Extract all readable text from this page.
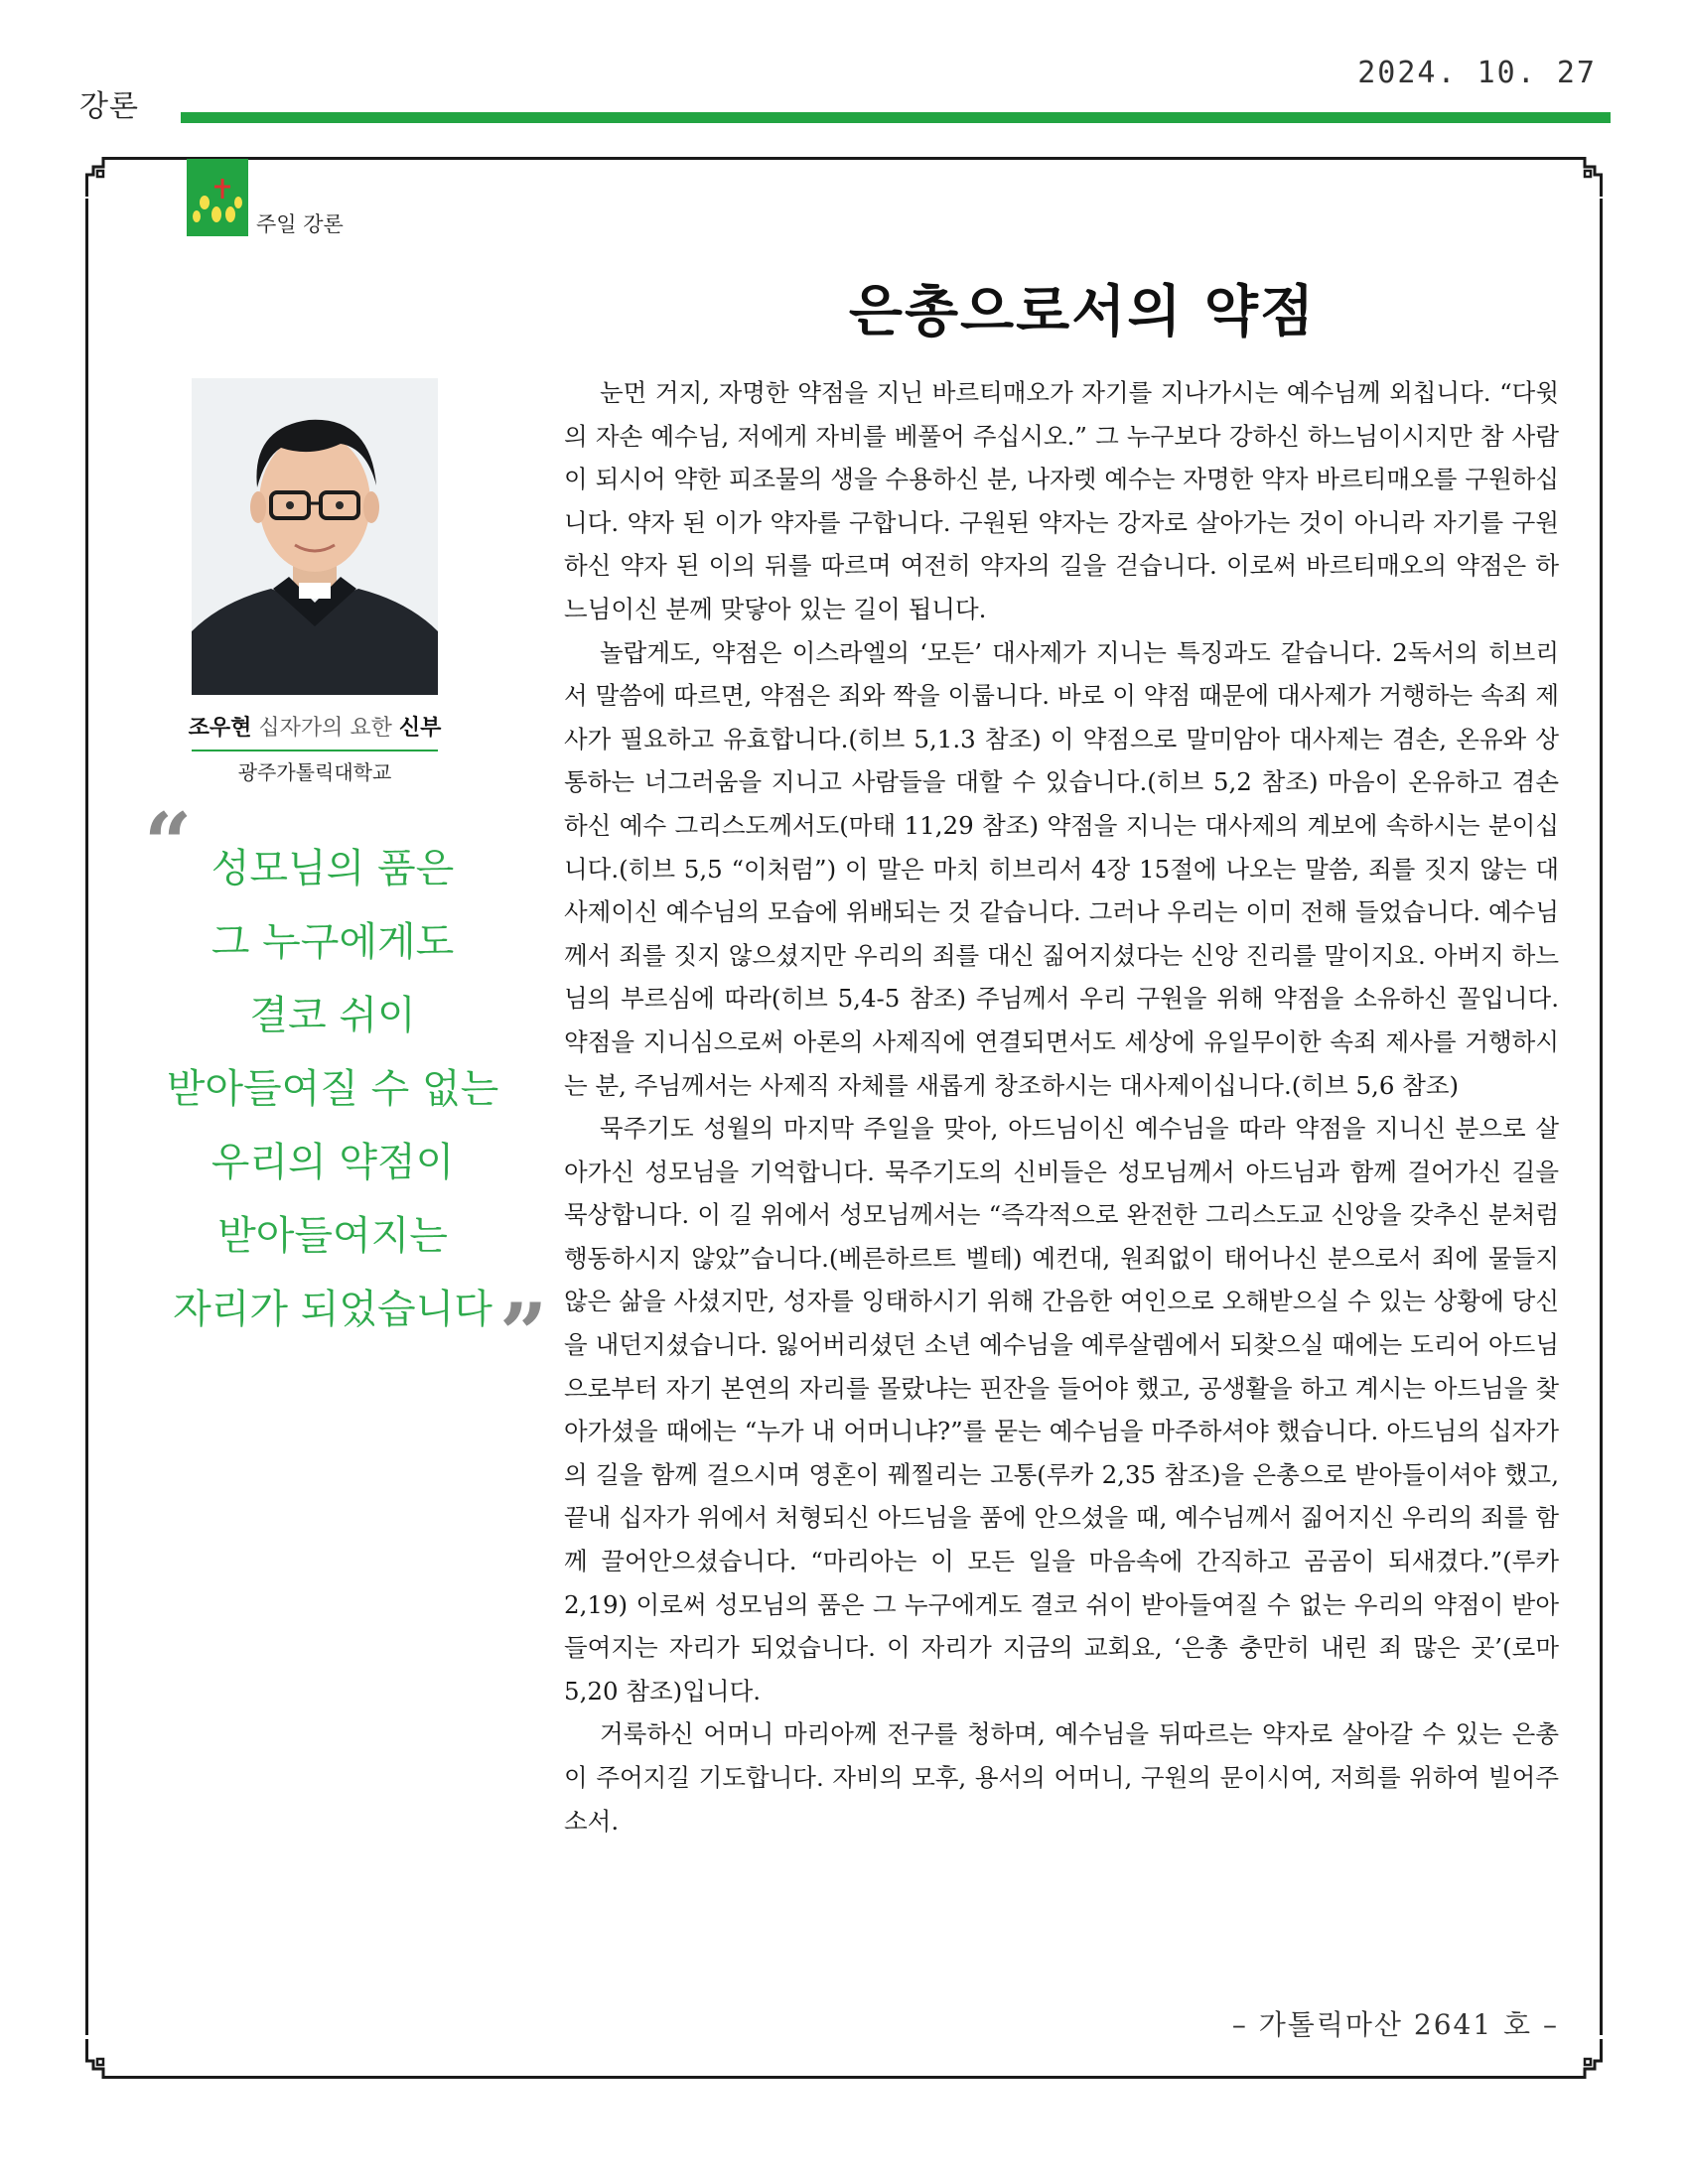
강론
2024. 10. 27
주일 강론
은총으로서의 약점
조우현 십자가의 요한 신부
광주가톨릭대학교
“ 성모님의 품은
그 누구에게도
결코 쉬이
받아들여질 수 없는
우리의 약점이
받아들여지는
자리가 되었습니다 ”

눈먼 거지, 자명한 약점을 지닌 바르티매오가 자기를 지나가시는 예수님께 외칩니다. “다윗의 자손 예수님, 저에게 자비를 베풀어 주십시오.” 그 누구보다 강하신 하느님이시지만 참 사람이 되시어 약한 피조물의 생을 수용하신 분, 나자렛 예수는 자명한 약자 바르티매오를 구원하십니다. 약자 된 이가 약자를 구합니다. 구원된 약자는 강자로 살아가는 것이 아니라 자기를 구원하신 약자 된 이의 뒤를 따르며 여전히 약자의 길을 걷습니다. 이로써 바르티매오의 약점은 하느님이신 분께 맞닿아 있는 길이 됩니다.

놀랍게도, 약점은 이스라엘의 ‘모든’ 대사제가 지니는 특징과도 같습니다. 2독서의 히브리서 말씀에 따르면, 약점은 죄와 짝을 이룹니다. 바로 이 약점 때문에 대사제가 거행하는 속죄 제사가 필요하고 유효합니다.(히브 5,1.3 참조) 이 약점으로 말미암아 대사제는 겸손, 온유와 상통하는 너그러움을 지니고 사람들을 대할 수 있습니다.(히브 5,2 참조) 마음이 온유하고 겸손하신 예수 그리스도께서도(마태 11,29 참조) 약점을 지니는 대사제의 계보에 속하시는 분이십니다.(히브 5,5 “이처럼”) 이 말은 마치 히브리서 4장 15절에 나오는 말씀, 죄를 짓지 않는 대사제이신 예수님의 모습에 위배되는 것 같습니다. 그러나 우리는 이미 전해 들었습니다. 예수님께서 죄를 짓지 않으셨지만 우리의 죄를 대신 짊어지셨다는 신앙 진리를 말이지요. 아버지 하느님의 부르심에 따라(히브 5,4-5 참조) 주님께서 우리 구원을 위해 약점을 소유하신 꼴입니다. 약점을 지니심으로써 아론의 사제직에 연결되면서도 세상에 유일무이한 속죄 제사를 거행하시는 분, 주님께서는 사제직 자체를 새롭게 창조하시는 대사제이십니다.(히브 5,6 참조)

묵주기도 성월의 마지막 주일을 맞아, 아드님이신 예수님을 따라 약점을 지니신 분으로 살아가신 성모님을 기억합니다. 묵주기도의 신비들은 성모님께서 아드님과 함께 걸어가신 길을 묵상합니다. 이 길 위에서 성모님께서는 “즉각적으로 완전한 그리스도교 신앙을 갖추신 분처럼 행동하시지 않았”습니다.(베른하르트 벨테) 예컨대, 원죄없이 태어나신 분으로서 죄에 물들지 않은 삶을 사셨지만, 성자를 잉태하시기 위해 간음한 여인으로 오해받으실 수 있는 상황에 당신을 내던지셨습니다. 잃어버리셨던 소년 예수님을 예루살렘에서 되찾으실 때에는 도리어 아드님으로부터 자기 본연의 자리를 몰랐냐는 핀잔을 들어야 했고, 공생활을 하고 계시는 아드님을 찾아가셨을 때에는 “누가 내 어머니냐?”를 묻는 예수님을 마주하셔야 했습니다. 아드님의 십자가의 길을 함께 걸으시며 영혼이 꿰찔리는 고통(루카 2,35 참조)을 은총으로 받아들이셔야 했고, 끝내 십자가 위에서 처형되신 아드님을 품에 안으셨을 때, 예수님께서 짊어지신 우리의 죄를 함께 끌어안으셨습니다. “마리아는 이 모든 일을 마음속에 간직하고 곰곰이 되새겼다.”(루카 2,19) 이로써 성모님의 품은 그 누구에게도 결코 쉬이 받아들여질 수 없는 우리의 약점이 받아들여지는 자리가 되었습니다. 이 자리가 지금의 교회요, ‘은총 충만히 내린 죄 많은 곳’(로마 5,20 참조)입니다.

거룩하신 어머니 마리아께 전구를 청하며, 예수님을 뒤따르는 약자로 살아갈 수 있는 은총이 주어지길 기도합니다. 자비의 모후, 용서의 어머니, 구원의 문이시여, 저희를 위하여 빌어주소서.

– 가톨릭마산 2641 호 –
